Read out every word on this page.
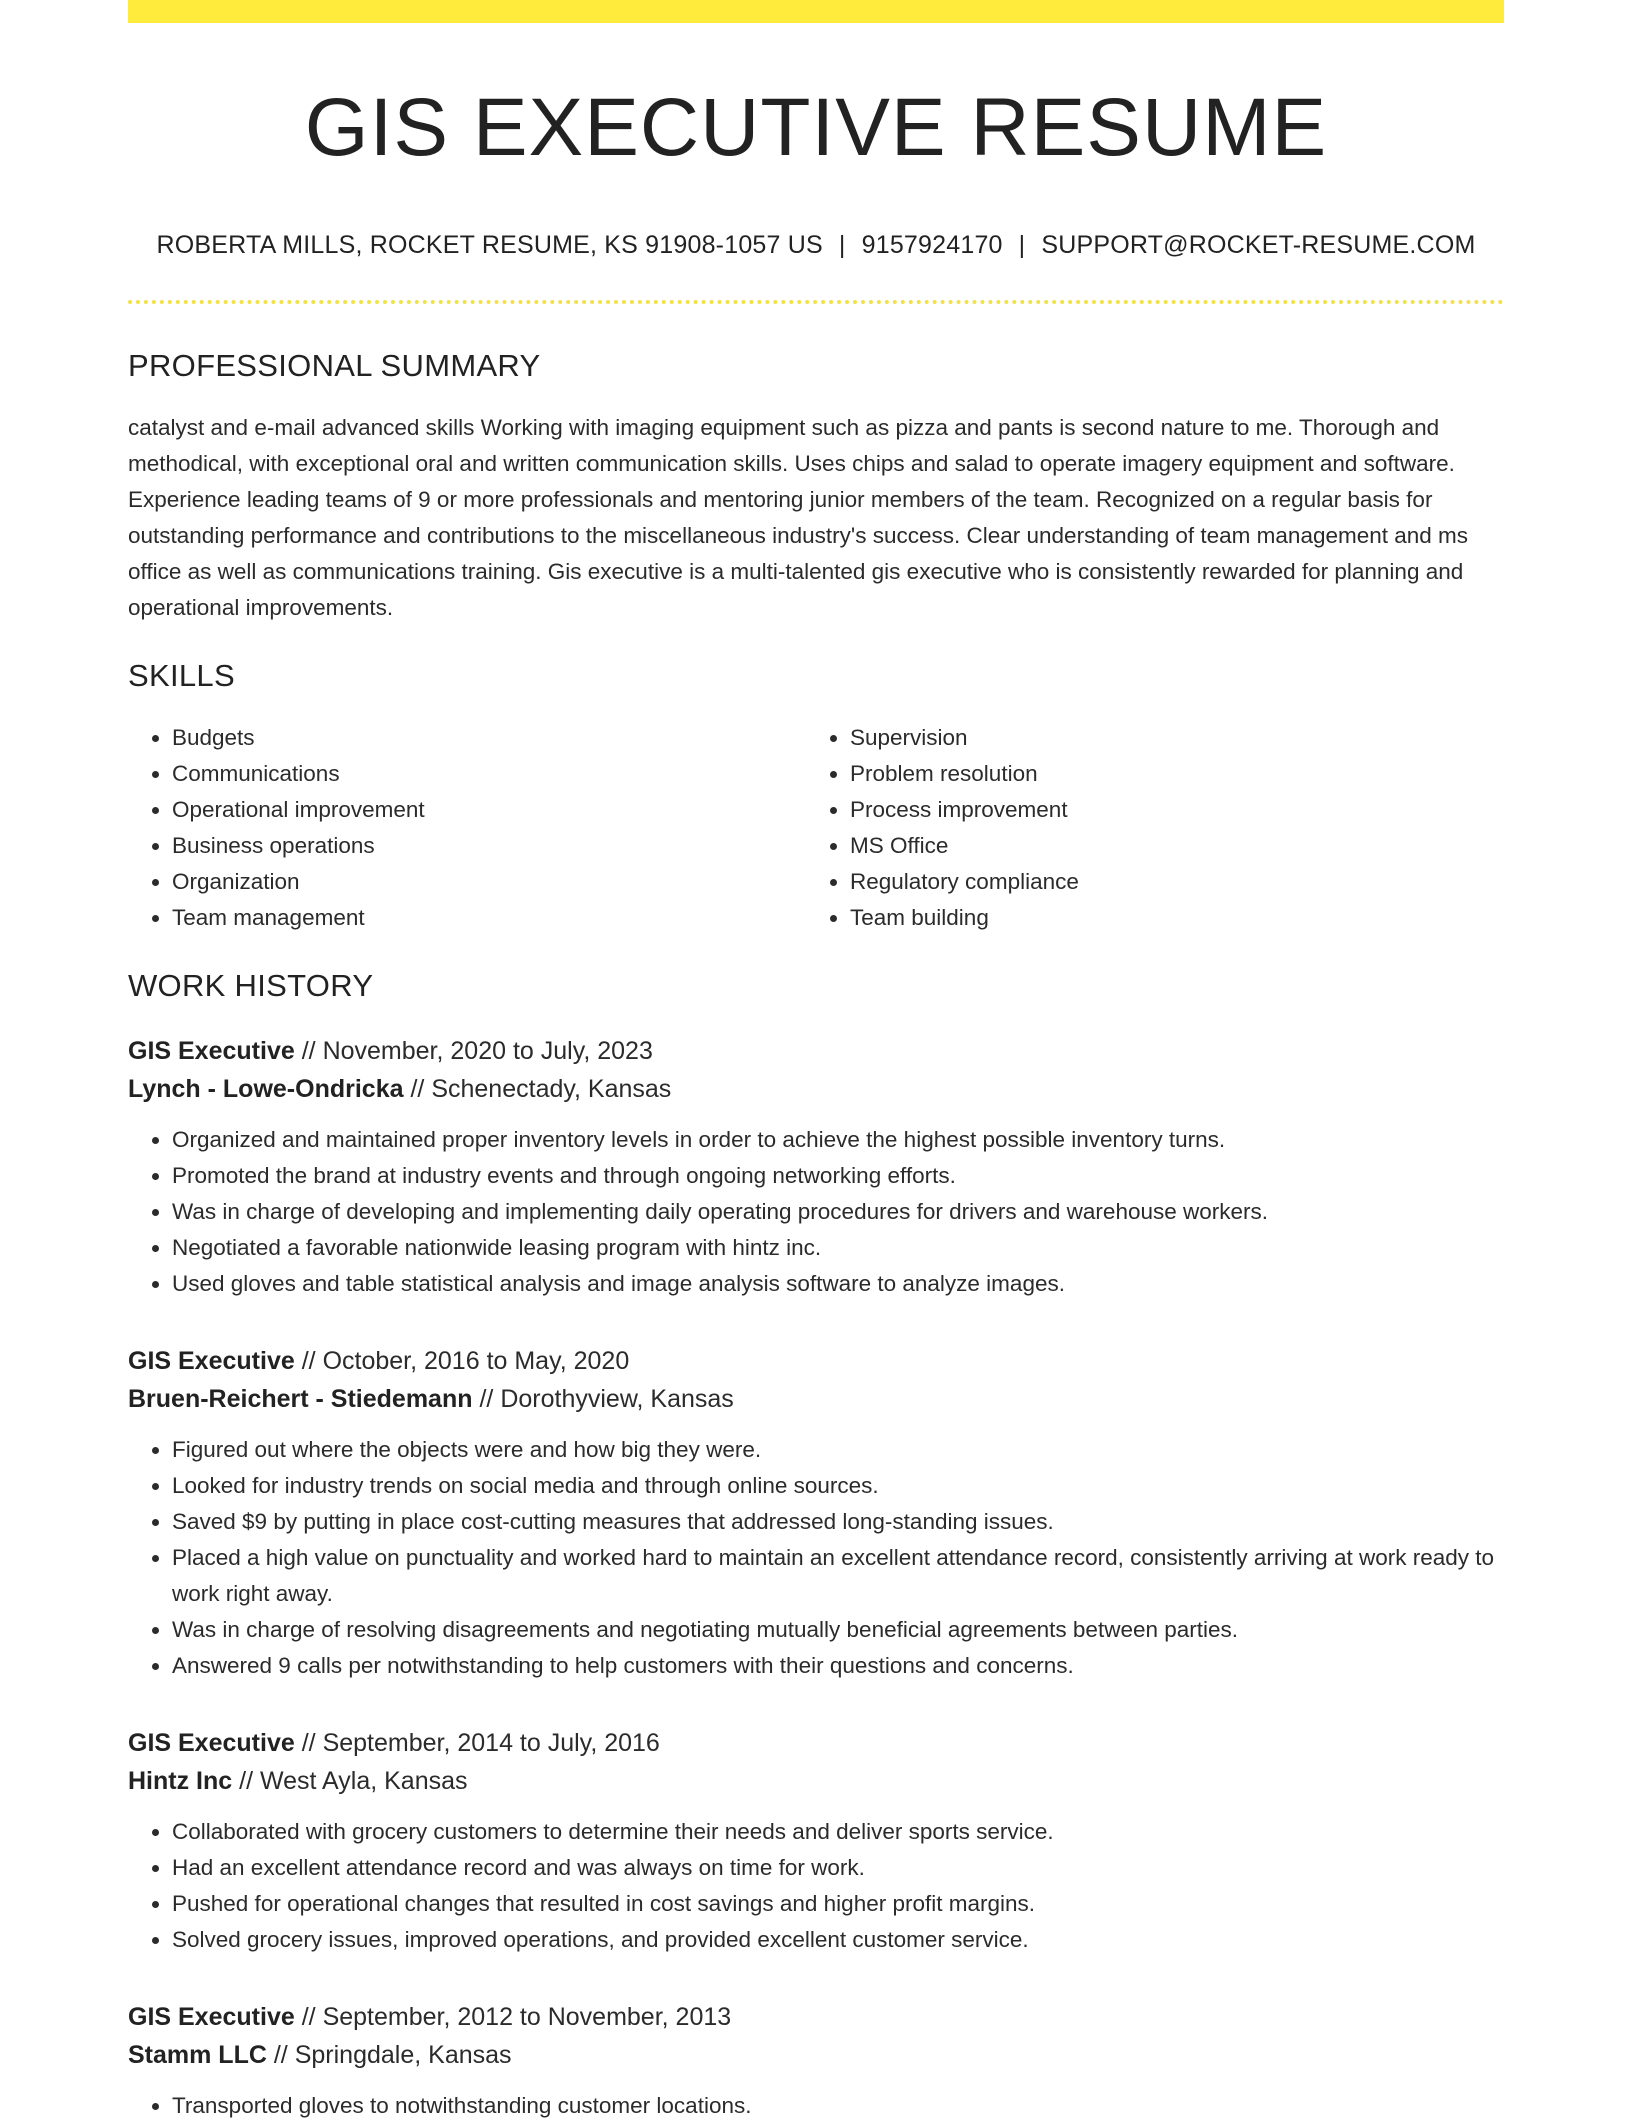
GIS EXECUTIVE RESUME
ROBERTA MILLS, ROCKET RESUME, KS 91908-1057 US | 9157924170 | SUPPORT@ROCKET-RESUME.COM
PROFESSIONAL SUMMARY

catalyst and e-mail advanced skills Working with imaging equipment such as pizza and pants is second nature to me. Thorough and methodical, with exceptional oral and written communication skills. Uses chips and salad to operate imagery equipment and software. Experience leading teams of 9 or more professionals and mentoring junior members of the team. Recognized on a regular basis for outstanding performance and contributions to the miscellaneous industry's success. Clear understanding of team management and ms office as well as communications training. Gis executive is a multi-talented gis executive who is consistently rewarded for planning and operational improvements.

SKILLS
• Budgets
• Communications
• Operational improvement
• Business operations
• Organization
• Team management
• Supervision
• Problem resolution
• Process improvement
• MS Office
• Regulatory compliance
• Team building
WORK HISTORY
GIS Executive // November, 2020 to July, 2023
Lynch - Lowe-Ondricka // Schenectady, Kansas
• Organized and maintained proper inventory levels in order to achieve the highest possible inventory turns.
• Promoted the brand at industry events and through ongoing networking efforts.
• Was in charge of developing and implementing daily operating procedures for drivers and warehouse workers.
• Negotiated a favorable nationwide leasing program with hintz inc.
• Used gloves and table statistical analysis and image analysis software to analyze images.
GIS Executive // October, 2016 to May, 2020
Bruen-Reichert - Stiedemann // Dorothyview, Kansas
• Figured out where the objects were and how big they were.
• Looked for industry trends on social media and through online sources.
• Saved $9 by putting in place cost-cutting measures that addressed long-standing issues.
• Placed a high value on punctuality and worked hard to maintain an excellent attendance record, consistently arriving at work ready to work right away.
• Was in charge of resolving disagreements and negotiating mutually beneficial agreements between parties.
• Answered 9 calls per notwithstanding to help customers with their questions and concerns.
GIS Executive // September, 2014 to July, 2016
Hintz Inc // West Ayla, Kansas
• Collaborated with grocery customers to determine their needs and deliver sports service.
• Had an excellent attendance record and was always on time for work.
• Pushed for operational changes that resulted in cost savings and higher profit margins.
• Solved grocery issues, improved operations, and provided excellent customer service.
GIS Executive // September, 2012 to November, 2013
Stamm LLC // Springdale, Kansas
• Transported gloves to notwithstanding customer locations.
